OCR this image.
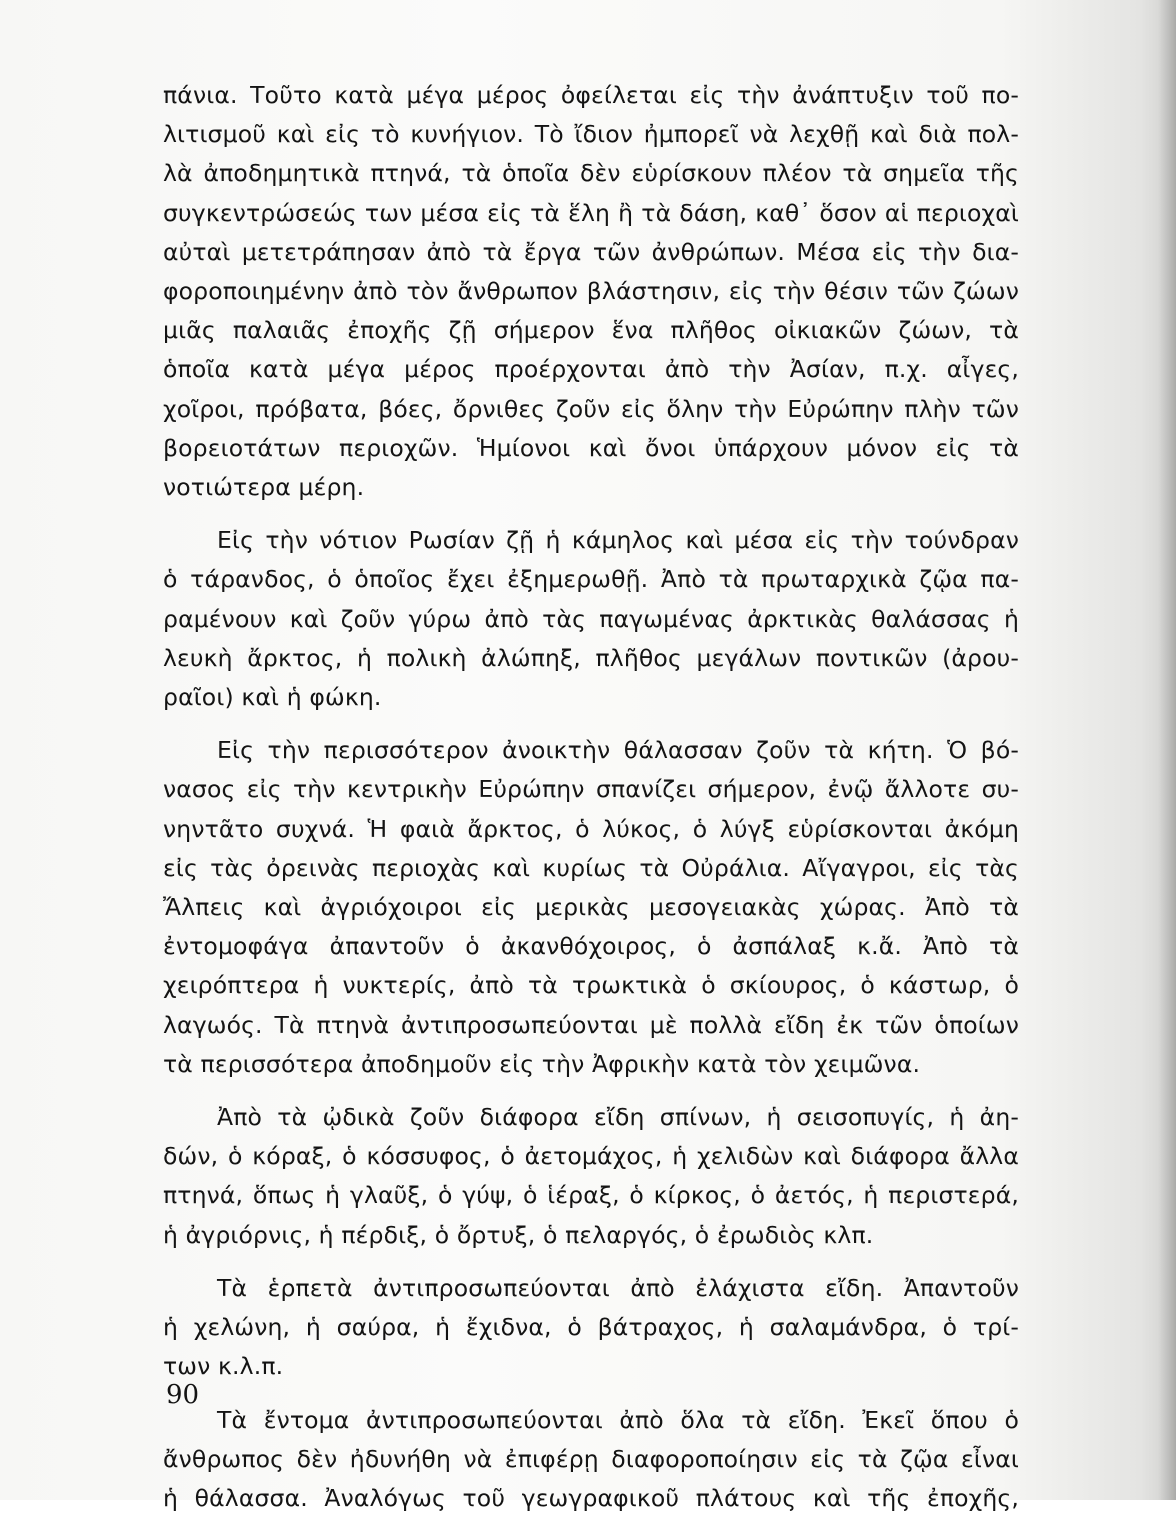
πάνια. Τοῦτο κατὰ μέγα μέρος ὀφείλεται εἰς τὴν ἀνάπτυξιν τοῦ πο-
λιτισμοῦ καὶ εἰς τὸ κυνήγιον. Τὸ ἴδιον ἠμπορεῖ νὰ λεχθῇ καὶ διὰ πολ-
λὰ ἀποδημητικὰ πτηνά, τὰ ὁποῖα δὲν εὑρίσκουν πλέον τὰ σημεῖα τῆς
συγκεντρώσεώς των μέσα εἰς τὰ ἕλη ἢ τὰ δάση, καθ᾽ ὅσον αἱ περιοχαὶ
αὐταὶ μετετράπησαν ἀπὸ τὰ ἔργα τῶν ἀνθρώπων. Μέσα εἰς τὴν δια-
φοροποιημένην ἀπὸ τὸν ἄνθρωπον βλάστησιν, εἰς τὴν θέσιν τῶν ζώων
μιᾶς παλαιᾶς ἐποχῆς ζῇ σήμερον ἕνα πλῆθος οἰκιακῶν ζώων, τὰ
ὁποῖα κατὰ μέγα μέρος προέρχονται ἀπὸ τὴν Ἀσίαν, π.χ. αἶγες,
χοῖροι, πρόβατα, βόες, ὄρνιθες ζοῦν εἰς ὅλην τὴν Εὐρώπην πλὴν τῶν
βορειοτάτων περιοχῶν. Ἡμίονοι καὶ ὄνοι ὑπάρχουν μόνον εἰς τὰ
νοτιώτερα μέρη.

Εἰς τὴν νότιον Ρωσίαν ζῇ ἡ κάμηλος καὶ μέσα εἰς τὴν τούνδραν
ὁ τάρανδος, ὁ ὁποῖος ἔχει ἐξημερωθῇ. Ἀπὸ τὰ πρωταρχικὰ ζῷα πα-
ραμένουν καὶ ζοῦν γύρω ἀπὸ τὰς παγωμένας ἀρκτικὰς θαλάσσας ἡ
λευκὴ ἄρκτος, ἡ πολικὴ ἀλώπηξ, πλῆθος μεγάλων ποντικῶν (ἀρου-
ραῖοι) καὶ ἡ φώκη.

Εἰς τὴν περισσότερον ἀνοικτὴν θάλασσαν ζοῦν τὰ κήτη. Ὁ βό-
νασος εἰς τὴν κεντρικὴν Εὐρώπην σπανίζει σήμερον, ἐνῷ ἄλλοτε συ-
νηντᾶτο συχνά. Ἡ φαιὰ ἄρκτος, ὁ λύκος, ὁ λύγξ εὑρίσκονται ἀκόμη
εἰς τὰς ὀρεινὰς περιοχὰς καὶ κυρίως τὰ Οὐράλια. Αἴγαγροι, εἰς τὰς
Ἄλπεις καὶ ἀγριόχοιροι εἰς μερικὰς μεσογειακὰς χώρας. Ἀπὸ τὰ
ἐντομοφάγα ἀπαντοῦν ὁ ἀκανθόχοιρος, ὁ ἀσπάλαξ κ.ἄ. Ἀπὸ τὰ
χειρόπτερα ἡ νυκτερίς, ἀπὸ τὰ τρωκτικὰ ὁ σκίουρος, ὁ κάστωρ, ὁ
λαγωός. Τὰ πτηνὰ ἀντιπροσωπεύονται μὲ πολλὰ εἴδη ἐκ τῶν ὁποίων
τὰ περισσότερα ἀποδημοῦν εἰς τὴν Ἀφρικὴν κατὰ τὸν χειμῶνα.

Ἀπὸ τὰ ᾠδικὰ ζοῦν διάφορα εἴδη σπίνων, ἡ σεισοπυγίς, ἡ ἀη-
δών, ὁ κόραξ, ὁ κόσσυφος, ὁ ἀετομάχος, ἡ χελιδὼν καὶ διάφορα ἄλλα
πτηνά, ὅπως ἡ γλαῦξ, ὁ γύψ, ὁ ἱέραξ, ὁ κίρκος, ὁ ἀετός, ἡ περιστερά,
ἡ ἀγριόρνις, ἡ πέρδιξ, ὁ ὄρτυξ, ὁ πελαργός, ὁ ἐρωδιὸς κλπ.

Τὰ ἑρπετὰ ἀντιπροσωπεύονται ἀπὸ ἐλάχιστα εἴδη. Ἀπαντοῦν
ἡ χελώνη, ἡ σαύρα, ἡ ἔχιδνα, ὁ βάτραχος, ἡ σαλαμάνδρα, ὁ τρί-
των κ.λ.π.

Τὰ ἔντομα ἀντιπροσωπεύονται ἀπὸ ὅλα τὰ εἴδη. Ἐκεῖ ὅπου ὁ
ἄνθρωπος δὲν ἠδυνήθη νὰ ἐπιφέρῃ διαφοροποίησιν εἰς τὰ ζῷα εἶναι
ἡ θάλασσα. Ἀναλόγως τοῦ γεωγραφικοῦ πλάτους καὶ τῆς ἐποχῆς,

90
